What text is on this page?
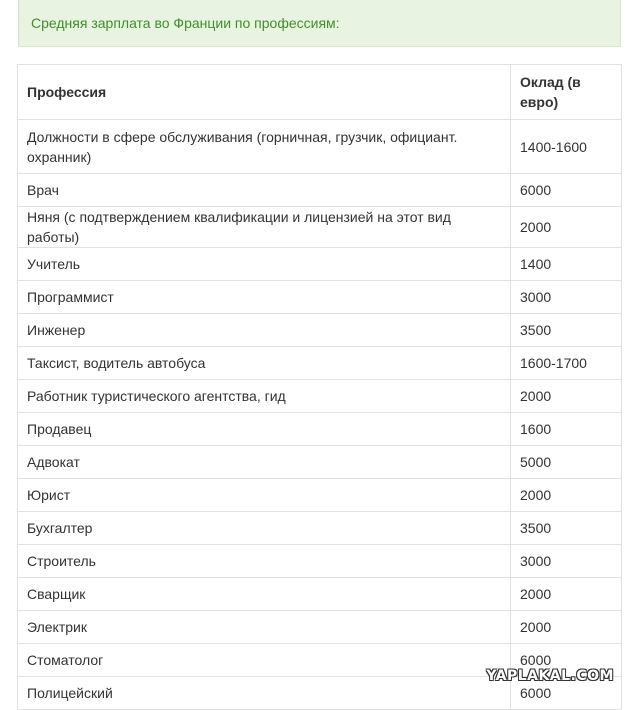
Средняя зарплата во Франции по профессиям:
Профессия	Оклад (в евро)
Должности в сфере обслуживания (горничная, грузчик, официант. охранник)	1400-1600
Врач	6000
Няня (с подтверждением квалификации и лицензией на этот вид работы)	2000
Учитель	1400
Программист	3000
Инженер	3500
Таксист, водитель автобуса	1600-1700
Работник туристического агентства, гид	2000
Продавец	1600
Адвокат	5000
Юрист	2000
Бухгалтер	3500
Строитель	3000
Сварщик	2000
Электрик	2000
Стоматолог	6000
Полицейский	6000
YAPLAKAL.COM
